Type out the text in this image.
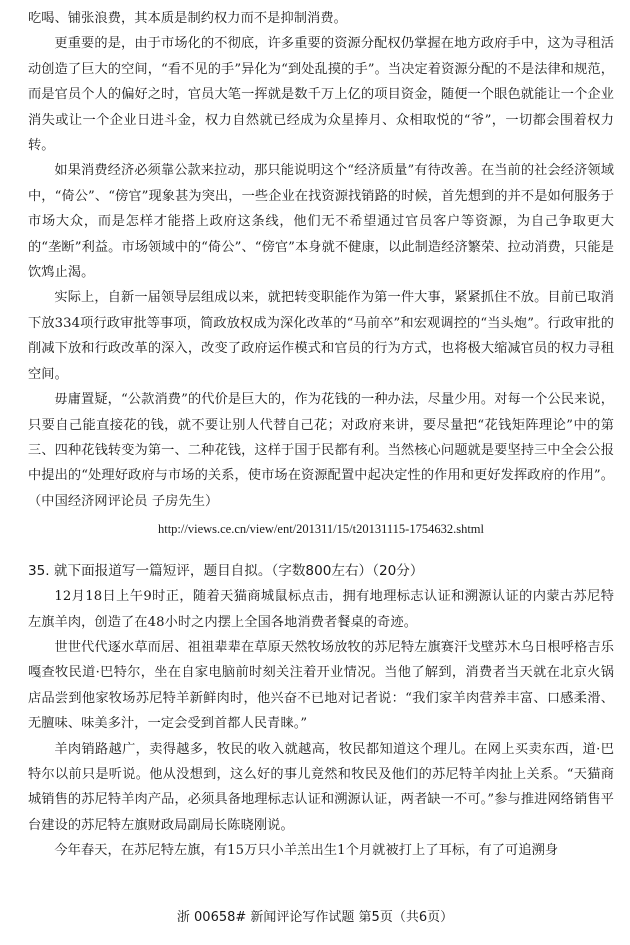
吃喝、铺张浪费，其本质是制约权力而不是抑制消费。

更重要的是，由于市场化的不彻底，许多重要的资源分配权仍掌握在地方政府手中，这为寻租活动创造了巨大的空间，“看不见的手”异化为“到处乱摸的手”。当决定着资源分配的不是法律和规范，而是官员个人的偏好之时，官员大笔一挥就是数千万上亿的项目资金，随便一个眼色就能让一个企业消失或让一个企业日进斗金，权力自然就已经成为众星捧月、众相取悦的“爷”，一切都会围着权力转。

如果消费经济必须靠公款来拉动，那只能说明这个“经济质量”有待改善。在当前的社会经济领域中，“倚公”、“傍官”现象甚为突出，一些企业在找资源找销路的时候，首先想到的并不是如何服务于市场大众，而是怎样才能搭上政府这条线，他们无不希望通过官员客户等资源，为自己争取更大的“垄断”利益。市场领域中的“倚公”、“傍官”本身就不健康，以此制造经济繁荣、拉动消费，只能是饮鸩止渴。

实际上，自新一届领导层组成以来，就把转变职能作为第一件大事，紧紧抓住不放。目前已取消下放334项行政审批等事项，简政放权成为深化改革的“马前卒”和宏观调控的“当头炮”。行政审批的削减下放和行政改革的深入，改变了政府运作模式和官员的行为方式，也将极大缩减官员的权力寻租空间。

毋庸置疑，“公款消费”的代价是巨大的，作为花钱的一种办法，尽量少用。对每一个公民来说，只要自己能直接花的钱，就不要让别人代替自己花；对政府来讲，要尽量把“花钱矩阵理论”中的第三、四种花钱转变为第一、二种花钱，这样于国于民都有利。当然核心问题就是要坚持三中全会公报中提出的“处理好政府与市场的关系，使市场在资源配置中起决定性的作用和更好发挥政府的作用”。（中国经济网评论员 子房先生）

http://views.ce.cn/view/ent/201311/15/t20131115-1754632.shtml

35. 就下面报道写一篇短评，题目自拟。（字数800左右）（20分）

12月18日上午9时正，随着天猫商城鼠标点击，拥有地理标志认证和溯源认证的内蒙古苏尼特左旗羊肉，创造了在48小时之内摆上全国各地消费者餐桌的奇迹。

世世代代逐水草而居、祖祖辈辈在草原天然牧场放牧的苏尼特左旗赛汗戈壁苏木乌日根呼格吉乐嘎查牧民道·巴特尔，坐在自家电脑前时刻关注着开业情况。当他了解到，消费者当天就在北京火锅店品尝到他家牧场苏尼特羊新鲜肉时，他兴奋不已地对记者说：“我们家羊肉营养丰富、口感柔滑、无膻味、味美多汁，一定会受到首都人民青睐。”

羊肉销路越广，卖得越多，牧民的收入就越高，牧民都知道这个理儿。在网上买卖东西，道·巴特尔以前只是听说。他从没想到，这么好的事儿竟然和牧民及他们的苏尼特羊肉扯上关系。“天猫商城销售的苏尼特羊肉产品，必须具备地理标志认证和溯源认证，两者缺一不可。”参与推进网络销售平台建设的苏尼特左旗财政局副局长陈晓刚说。

今年春天，在苏尼特左旗，有15万只小羊羔出生1个月就被打上了耳标，有了可追溯身

浙 00658# 新闻评论写作试题 第5页（共6页）
